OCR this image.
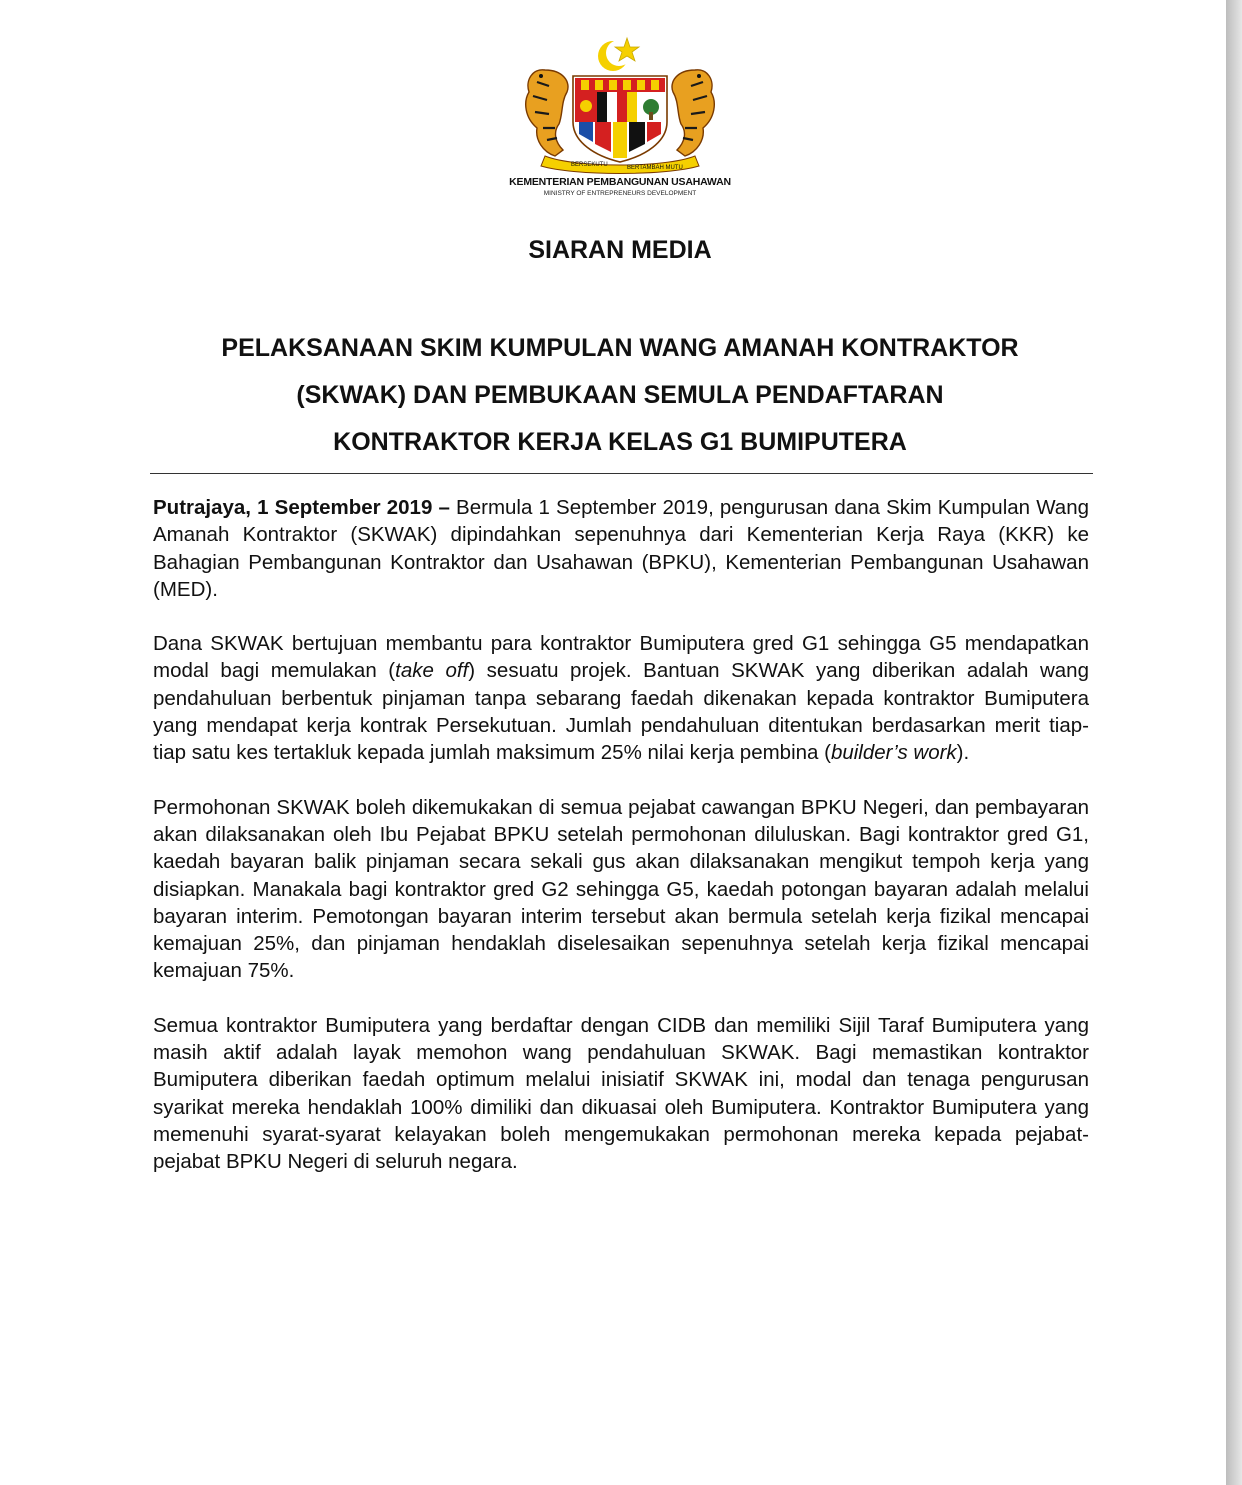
BERSEKUTU	BERTAMBAH MUTU
KEMENTERIAN PEMBANGUNAN USAHAWAN
MINISTRY OF ENTREPRENEURS DEVELOPMENT
SIARAN MEDIA
PELAKSANAAN SKIM KUMPULAN WANG AMANAH KONTRAKTOR
(SKWAK) DAN PEMBUKAAN SEMULA PENDAFTARAN
KONTRAKTOR KERJA KELAS G1 BUMIPUTERA

Putrajaya, 1 September 2019 – Bermula 1 September 2019, pengurusan dana Skim Kumpulan Wang Amanah Kontraktor (SKWAK) dipindahkan sepenuhnya dari Kementerian Kerja Raya (KKR) ke Bahagian Pembangunan Kontraktor dan Usahawan (BPKU), Kementerian Pembangunan Usahawan (MED).

Dana SKWAK bertujuan membantu para kontraktor Bumiputera gred G1 sehingga G5 mendapatkan modal bagi memulakan (take off) sesuatu projek. Bantuan SKWAK yang diberikan adalah wang pendahuluan berbentuk pinjaman tanpa sebarang faedah dikenakan kepada kontraktor Bumiputera yang mendapat kerja kontrak Persekutuan. Jumlah pendahuluan ditentukan berdasarkan merit tiap-tiap satu kes tertakluk kepada jumlah maksimum 25% nilai kerja pembina (builder’s work).

Permohonan SKWAK boleh dikemukakan di semua pejabat cawangan BPKU Negeri, dan pembayaran akan dilaksanakan oleh Ibu Pejabat BPKU setelah permohonan diluluskan. Bagi kontraktor gred G1, kaedah bayaran balik pinjaman secara sekali gus akan dilaksanakan mengikut tempoh kerja yang disiapkan. Manakala bagi kontraktor gred G2 sehingga G5, kaedah potongan bayaran adalah melalui bayaran interim. Pemotongan bayaran interim tersebut akan bermula setelah kerja fizikal mencapai kemajuan 25%, dan pinjaman hendaklah diselesaikan sepenuhnya setelah kerja fizikal mencapai kemajuan 75%.

Semua kontraktor Bumiputera yang berdaftar dengan CIDB dan memiliki Sijil Taraf Bumiputera yang masih aktif adalah layak memohon wang pendahuluan SKWAK. Bagi memastikan kontraktor Bumiputera diberikan faedah optimum melalui inisiatif SKWAK ini, modal dan tenaga pengurusan syarikat mereka hendaklah 100% dimiliki dan dikuasai oleh Bumiputera. Kontraktor Bumiputera yang memenuhi syarat-syarat kelayakan boleh mengemukakan permohonan mereka kepada pejabat-pejabat BPKU Negeri di seluruh negara.
